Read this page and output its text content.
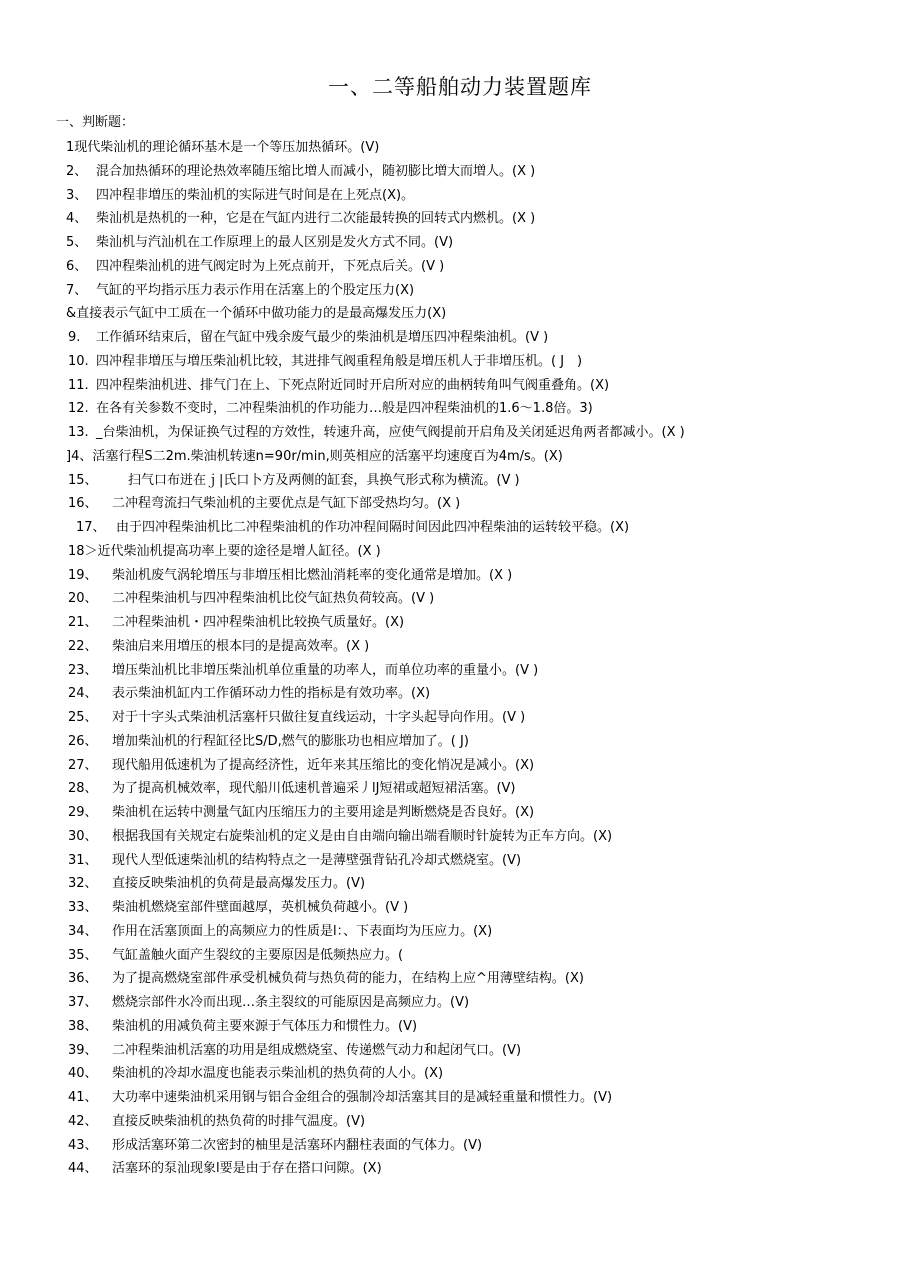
一、二等船舶动力装置题库
一、判断题：
1现代柴汕机的理论循环基木是一个等压加热循环。(V)
2、 混合加热循环的理论热效率随压缩比増人而减小，随初膨比増大而増人。(X )
3、 四冲程非増压的柴汕机的实际进气时间是在上死点(X)。
4、 柴汕机是热机的一种，它是在气缸内进行二次能最转换的回转式内燃机。(X )
5、 柴汕机与汽汕机在工作原理上的最人区别是发火方式不同。(V)
6、 四冲程柴汕机的进气阀定时为上死点前开，下死点后关。(V )
7、 气缸的平均指示压力表示作用在活塞上的个股定压力(X)
&直接表示气缸中工质在一个循环中做功能力的是最高爆发压力(X)
9. 工作循环结束后，留在气缸中残余废气最少的柴油机是増压四冲程柴油机。(V )
10. 四冲程非増压与増压柴汕机比较，其进排气阀重程角般是増压机人于非増压机。( J　)
11. 四冲程柴油机进、排气门在上、下死点附近同时开启所对应的曲柄转角叫气阀重叠角。(X)
12. 在各有关参数不变时，二冲程柴油机的作功能力…般是四冲程柴油机的1.6～1.8倍。3)
13. _台柴油机，为保证换气过程的方效性，转速升高，应使气阀提前开启角及关闭延迟角两者都减小。(X )
]4、活塞行程S二2m.柴油机转速n=90r/min,则英相应的活塞平均速度百为4m/s。(X)
15、 扫气口布迸在ｊ|氏口卜方及两侧的缸套，具换气形式称为横流。(V )
16、 二冲程弯流扫气柴汕机的主要优点是气缸下部受热均匀。(X )
17、 由于四冲程柴油机比二冲程柴油机的作功冲程间隔时间因此四冲程柴油的运转较平稳。(X)
18＞近代柴汕机提高功率上要的途径是增人缸径。(X )
19、 柴汕机废气涡轮増压与非増压相比燃汕消耗率的变化通常是増加。(X )
20、 二冲程柴油机与四冲程柴油机比佼气缸热负荷较高。(V )
21、 二冲程柴油机・四冲程柴油机比较换气质量好。(X)
22、 柴油启来用増压的根本冃的是提高效率。(X )
23、 増压柴汕机比非増压柴汕机单位重量的功率人，而单位功率的重量小。(V )
24、 表示柴油机缸内工作循环动力性的指标是有效功率。(X)
25、 对于十字头式柴油机活塞杆只做往复直线运动，十字头起导向作用。(V )
26、 增加柴汕机的行程缸径比S/D,燃气的膨胀功也相应増加了。( J)
27、 现代船用低速机为了提高经济性，近年来其压缩比的变化悄况是减小。(X)
28、 为了提高机械效率，现代船川低速机普遍采丿lJ短裙或超短裙活塞。(V)
29、 柴油机在运转中测量气缸内压缩压力的主要用途是判断燃烧是否良好。(X)
30、 根据我国有关规定右旋柴汕机的定义是由自由端向输出端看顺时针旋转为正车方向。(X)
31、 现代人型低速柴汕机的结构特点之一是薄壁强背钻孔冷却式燃烧室。(V)
32、 直接反映柴油机的负荷是最高爆发压力。(V)
33、 柴油机燃烧室部件壁面越厚，英机械负荷越小。(V )
34、 作用在活塞顶面上的高频应力的性质是l：、下表面均为压应力。(X)
35、 气缸盖触火面产生裂纹的主要原因是低频热应力。(
36、 为了提高燃烧室部件承受机械负荷与热负荷的能力，在结构上应^用薄壁结构。(X)
37、 燃烧宗部件水冷而出现…条主裂纹的可能原因是高频应力。(V)
38、 柴油机的用减负荷主要來源于气体压力和惯性力。(V)
39、 二冲程柴油机活塞的功用是组成燃烧室、传递燃气动力和起闭气口。(V)
40、 柴油机的冷却水温度也能表示柴汕机的热负荷的人小。(X)
41、 大功率中速柴油机采用钢与铝合金组合的强制冷却活塞其目的是减轻重量和惯性力。(V)
42、 直接反映柴油机的热负荷的时排气温度。(V)
43、 形成活塞环第二次密封的柚里是活塞环内翻柱表面的气体力。(V)
44、 活塞环的泵汕现象l要是由于存在搭口问隙。(X)
